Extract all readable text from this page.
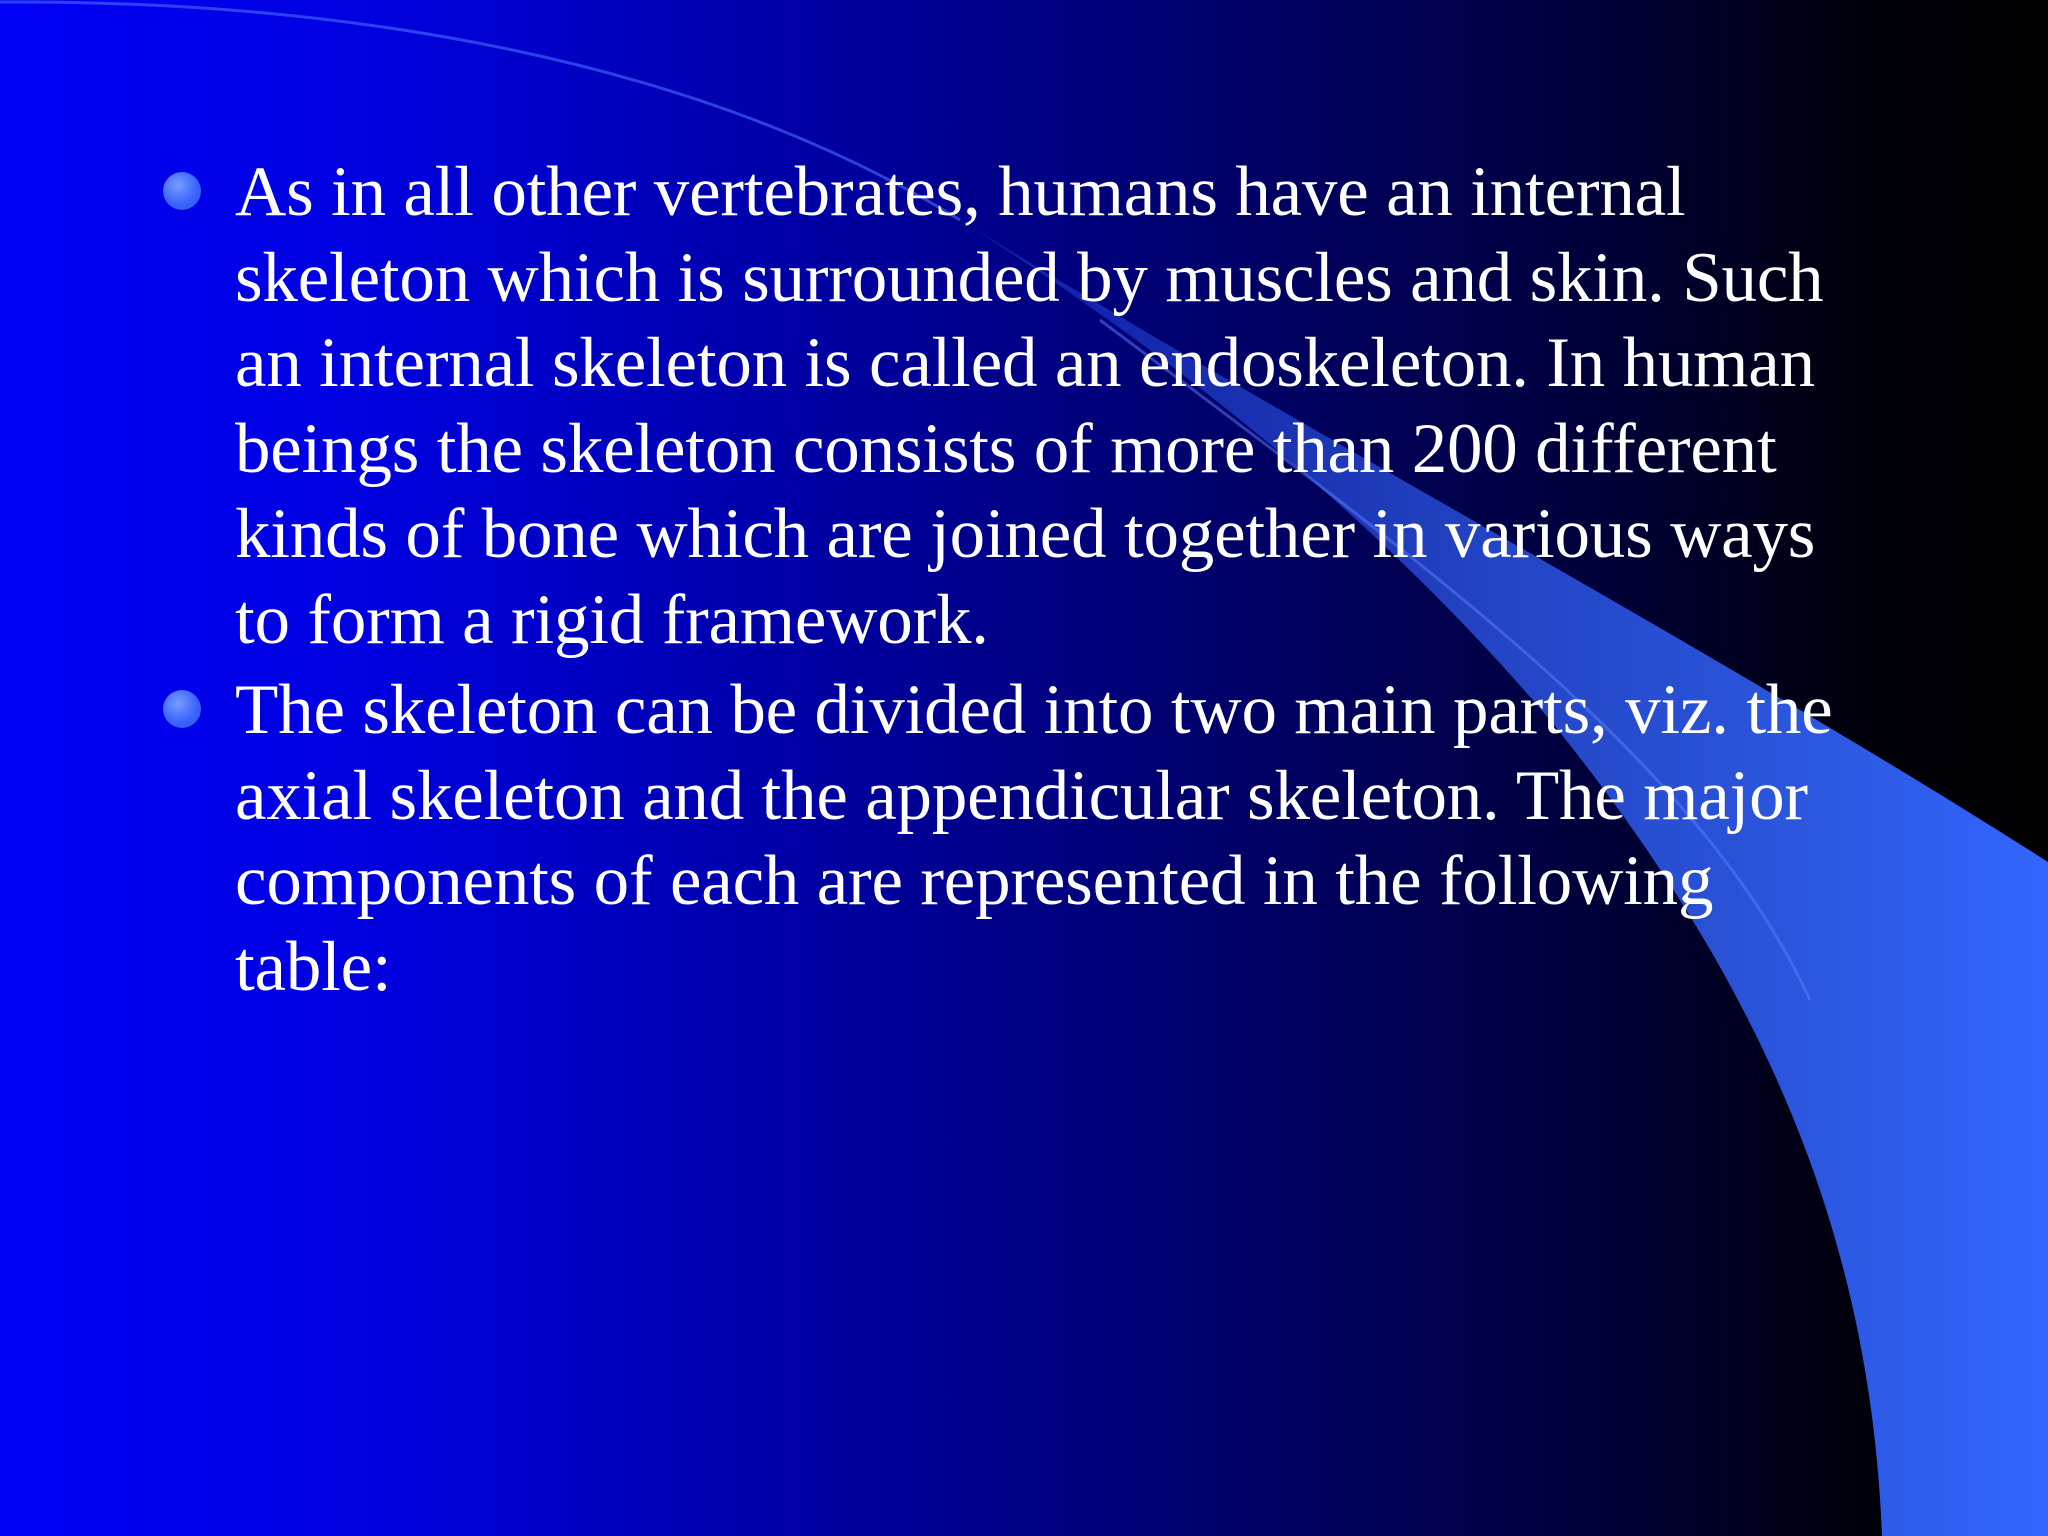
As in all other vertebrates, humans have an internal skeleton which is surrounded by muscles and skin. Such an internal skeleton is called an endoskeleton. In human beings the skeleton consists of more than 200 different kinds of bone which are joined together in various ways to form a rigid framework.

The skeleton can be divided into two main parts, viz. the axial skeleton and the appendicular skeleton. The major components of each are represented in the following table:
